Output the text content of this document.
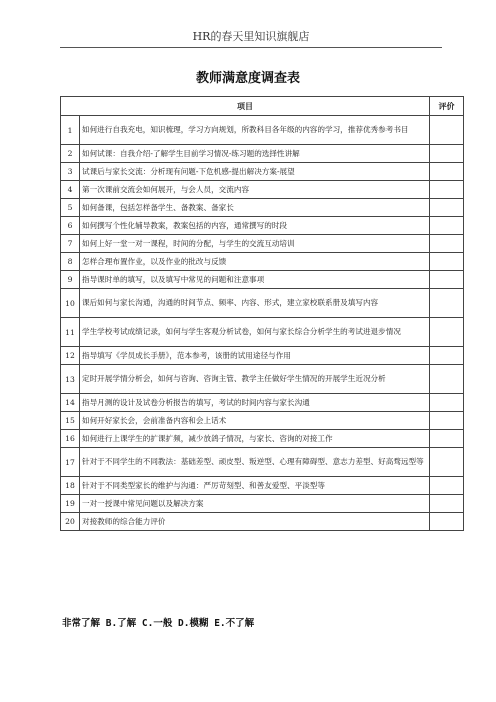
HR的春天里知识旗舰店
教师满意度调查表
项目		评价
1	如何进行自我充电，知识梳理，学习方向规划，所教科目各年级的内容的学习，推荐优秀参考书目	
2	如何试课：自我介绍-了解学生目前学习情况-练习题的选择性讲解	
3	试课后与家长交流：分析现有问题-下危机感-提出解决方案-展望	
4	第一次课前交流会如何展开，与会人员，交流内容	
5	如何备课，包括怎样备学生、备教案、备家长	
6	如何撰写个性化辅导教案，教案包括的内容，通常撰写的时段	
7	如何上好一堂一对一课程，时间的分配，与学生的交流互动培训	
8	怎样合理布置作业，以及作业的批改与反馈	
9	指导课时单的填写，以及填写中常见的问题和注意事项	
10	课后如何与家长沟通，沟通的时间节点、频率、内容、形式，建立家校联系册及填写内容	
11	学生学校考试成绩记录，如何与学生客观分析试卷，如何与家长综合分析学生的考试进退步情况	
12	指导填写《学员成长手册》，范本参考，该册的试用途径与作用	
13	定时开展学情分析会，如何与咨询、咨询主管、教学主任做好学生情况的开展学生近况分析	
14	指导月测的设计及试卷分析报告的填写，考试的时间内容与家长沟通	
15	如何开好家长会，会前准备内容和会上话术	
16	如何进行上课学生的扩课扩频，减少放鸽子情况，与家长、咨询的对接工作	
17	针对于不同学生的不同教法：基础差型、顽皮型、叛逆型、心理有障碍型、意志力差型、好高骛远型等	
18	针对于不同类型家长的维护与沟通：严厉苛刻型、和善友爱型、平淡型等	
19	一对一授课中常见问题以及解决方案	
20	对接教师的综合能力评价	
非常了解 B.了解 C.一般 D.模糊 E.不了解
